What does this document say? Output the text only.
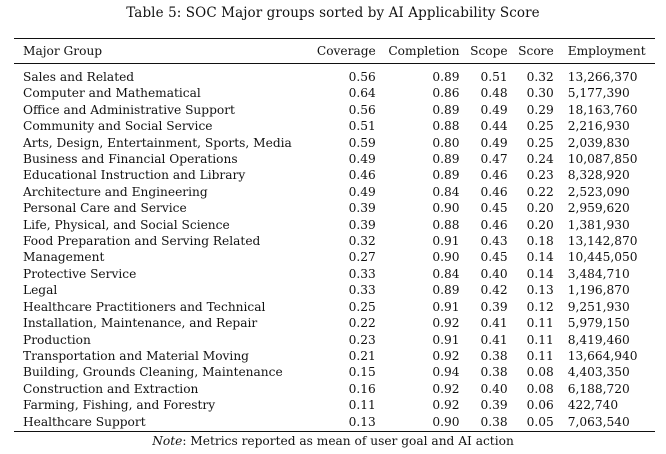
Table 5: SOC Major groups sorted by AI Applicability Score
Major Group	Coverage	Completion	Scope	Score	Employment
Sales and Related	0.56	0.89	0.51	0.32	13,266,370
Computer and Mathematical	0.64	0.86	0.48	0.30	5,177,390
Office and Administrative Support	0.56	0.89	0.49	0.29	18,163,760
Community and Social Service	0.51	0.88	0.44	0.25	2,216,930
Arts, Design, Entertainment, Sports, Media	0.59	0.80	0.49	0.25	2,039,830
Business and Financial Operations	0.49	0.89	0.47	0.24	10,087,850
Educational Instruction and Library	0.46	0.89	0.46	0.23	8,328,920
Architecture and Engineering	0.49	0.84	0.46	0.22	2,523,090
Personal Care and Service	0.39	0.90	0.45	0.20	2,959,620
Life, Physical, and Social Science	0.39	0.88	0.46	0.20	1,381,930
Food Preparation and Serving Related	0.32	0.91	0.43	0.18	13,142,870
Management	0.27	0.90	0.45	0.14	10,445,050
Protective Service	0.33	0.84	0.40	0.14	3,484,710
Legal	0.33	0.89	0.42	0.13	1,196,870
Healthcare Practitioners and Technical	0.25	0.91	0.39	0.12	9,251,930
Installation, Maintenance, and Repair	0.22	0.92	0.41	0.11	5,979,150
Production	0.23	0.91	0.41	0.11	8,419,460
Transportation and Material Moving	0.21	0.92	0.38	0.11	13,664,940
Building, Grounds Cleaning, Maintenance	0.15	0.94	0.38	0.08	4,403,350
Construction and Extraction	0.16	0.92	0.40	0.08	6,188,720
Farming, Fishing, and Forestry	0.11	0.92	0.39	0.06	422,740
Healthcare Support	0.13	0.90	0.38	0.05	7,063,540
Note: Metrics reported as mean of user goal and AI action
